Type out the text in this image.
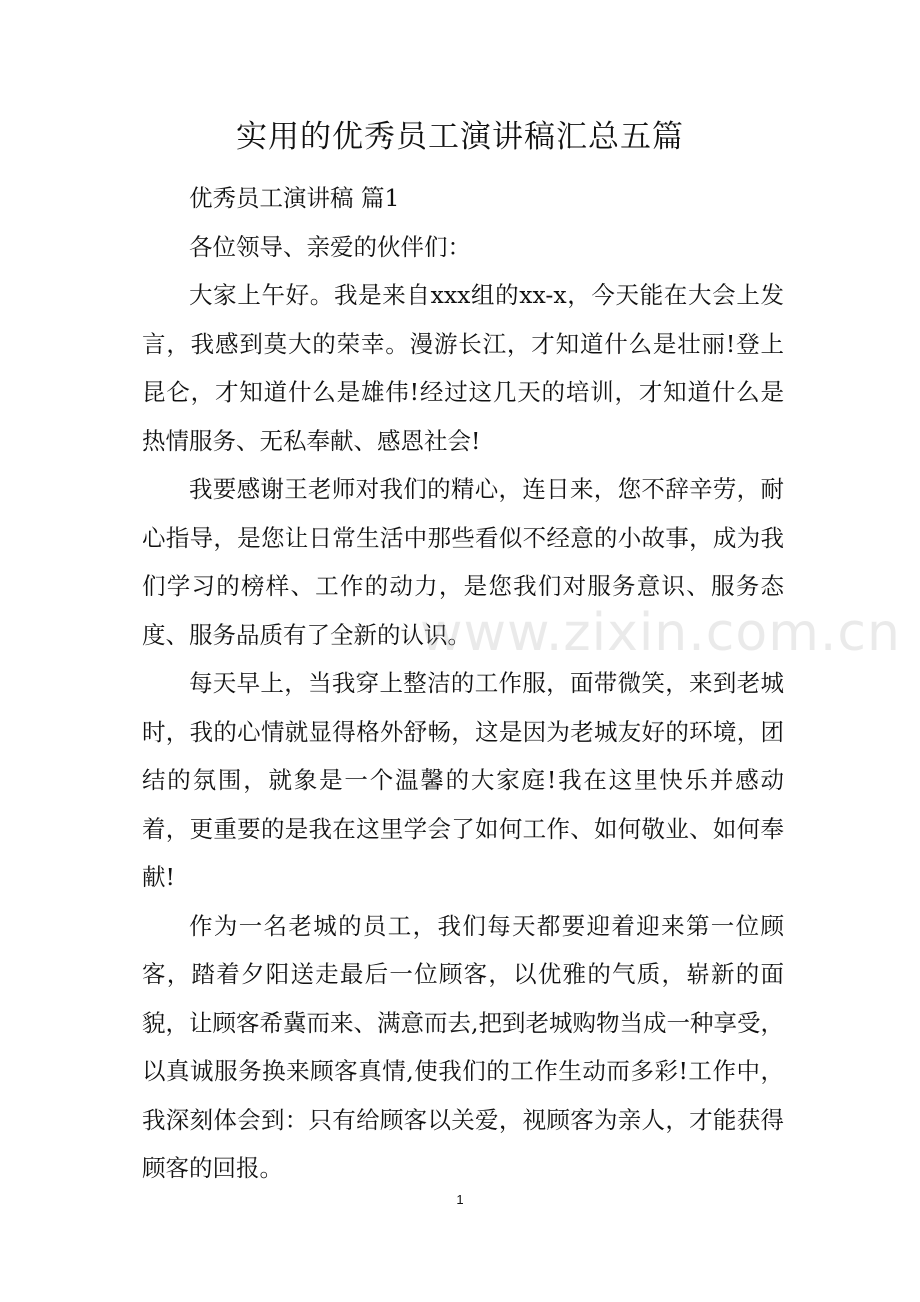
实用的优秀员工演讲稿汇总五篇

优秀员工演讲稿 篇1

各位领导、亲爱的伙伴们：

大家上午好。我是来自xxx组的xx-x，今天能在大会上发言，我感到莫大的荣幸。漫游长江，才知道什么是壮丽!登上昆仑，才知道什么是雄伟!经过这几天的培训，才知道什么是热情服务、无私奉献、感恩社会!

我要感谢王老师对我们的精心，连日来，您不辞辛劳，耐心指导，是您让日常生活中那些看似不经意的小故事，成为我们学习的榜样、工作的动力，是您我们对服务意识、服务态度、服务品质有了全新的认识。

每天早上，当我穿上整洁的工作服，面带微笑，来到老城时，我的心情就显得格外舒畅，这是因为老城友好的环境，团结的氛围，就象是一个温馨的大家庭!我在这里快乐并感动着，更重要的是我在这里学会了如何工作、如何敬业、如何奉献!

作为一名老城的员工，我们每天都要迎着迎来第一位顾客，踏着夕阳送走最后一位顾客，以优雅的气质，崭新的面貌，让顾客希冀而来、满意而去,把到老城购物当成一种享受，以真诚服务换来顾客真情,使我们的工作生动而多彩!工作中，我深刻体会到：只有给顾客以关爱，视顾客为亲人，才能获得顾客的回报。

www.zixin.com.cn
1
